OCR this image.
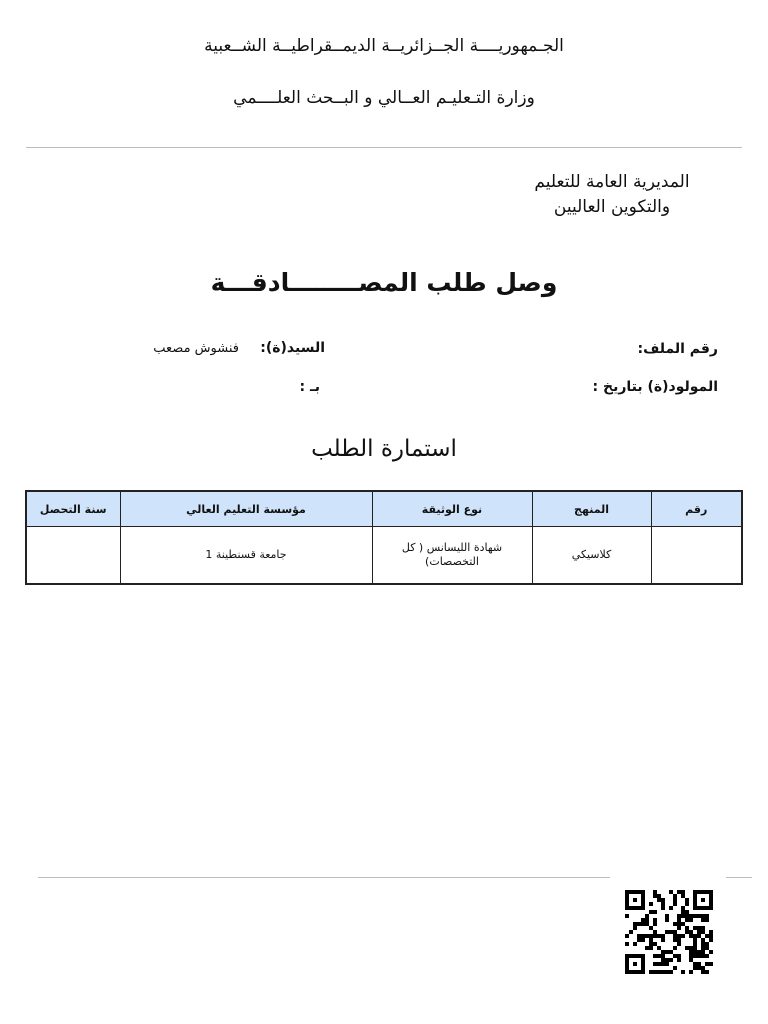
الجـمهوريــــة الجــزائريــة الديمــقراطيــة الشــعبية
وزارة التـعليـم العــالي و البــحث العلــــمي
المديرية العامة للتعليم
والتكوين العاليين
وصل طلب المصــــــــادقـــة
رقم الملف:
السيد(ة):
فنشوش مصعب
المولود(ة) بتاريخ :
بـ :
استمارة الطلب
رقم	المنهج	نوع الوثيقة	مؤسسة التعليم العالي	سنة التحصل
	كلاسيكي	شهادة الليسانس ( كل التخصصات)	جامعة قسنطينة 1	
